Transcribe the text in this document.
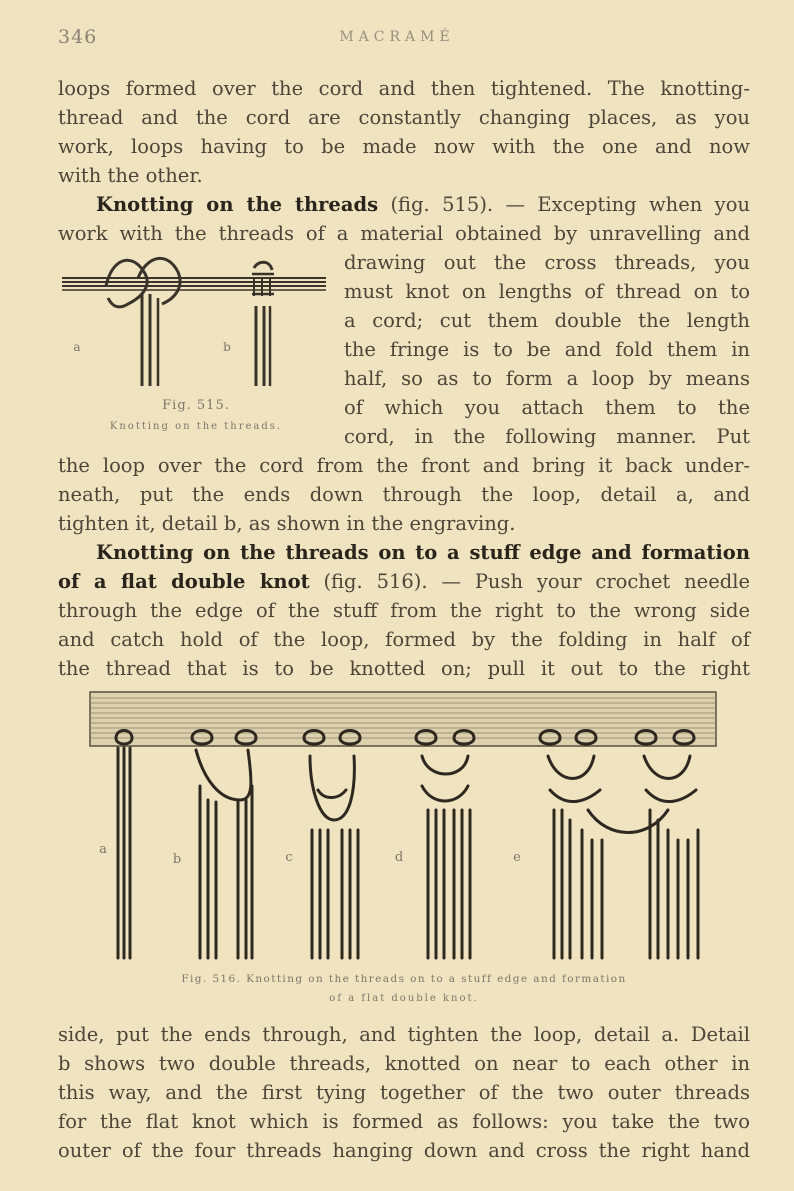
346	MACRAMÉ
loops formed over the cord and then tightened. The knotting-
thread and the cord are constantly changing places, as you
work, loops having to be made now with the one and now
with the other.
Knotting on the threads (fig. 515). — Excepting when you
work with the threads of a material obtained by unravelling and
drawing out the cross threads, you
must knot on lengths of thread on to
a cord; cut them double the length
the fringe is to be and fold them in
half, so as to form a loop by means
of which you attach them to the
cord, in the following manner. Put
the loop over the cord from the front and bring it back under-
neath, put the ends down through the loop, detail a, and
tighten it, detail b, as shown in the engraving.
a	b
Fig. 515.
Knotting on the threads.
Knotting on the threads on to a stuff edge and formation
of a flat double knot (fig. 516). — Push your crochet needle
through the edge of the stuff from the right to the wrong side
and catch hold of the loop, formed by the folding in half of
the thread that is to be knotted on; pull it out to the right
a
b	c	d	e
Fig. 516. Knotting on the threads on to a stuff edge and formation
of a flat double knot.
side, put the ends through, and tighten the loop, detail a. Detail
b shows two double threads, knotted on near to each other in
this way, and the first tying together of the two outer threads
for the flat knot which is formed as follows: you take the two
outer of the four threads hanging down and cross the right hand
